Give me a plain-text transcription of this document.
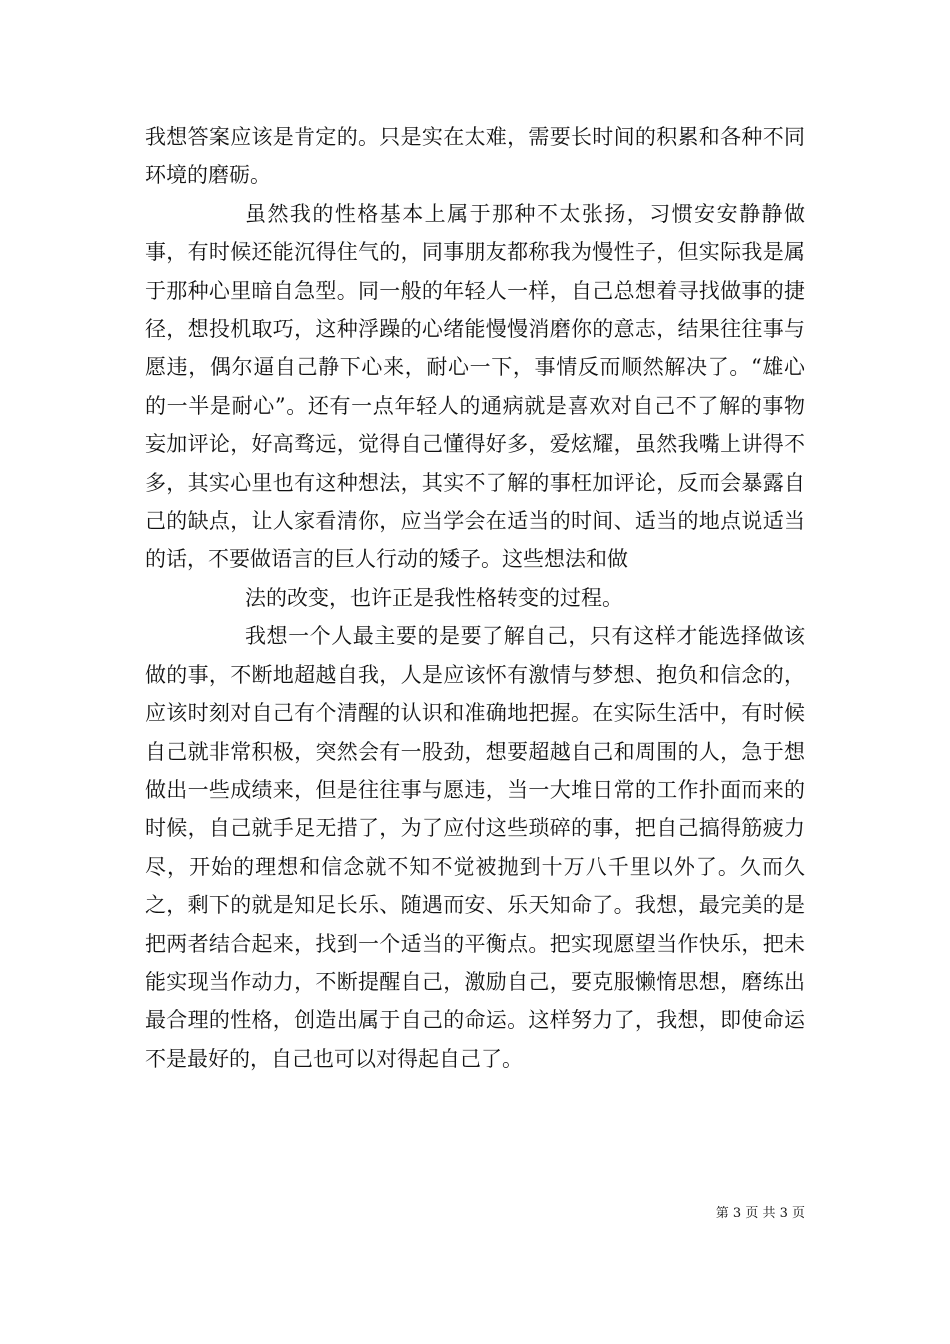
我想答案应该是肯定的。只是实在太难，需要长时间的积累和各种不同环境的磨砺。

虽然我的性格基本上属于那种不太张扬，习惯安安静静做事，有时候还能沉得住气的，同事朋友都称我为慢性子，但实际我是属于那种心里暗自急型。同一般的年轻人一样，自己总想着寻找做事的捷径，想投机取巧，这种浮躁的心绪能慢慢消磨你的意志，结果往往事与愿违，偶尔逼自己静下心来，耐心一下，事情反而顺然解决了。“雄心的一半是耐心”。还有一点年轻人的通病就是喜欢对自己不了解的事物妄加评论，好高骛远，觉得自己懂得好多，爱炫耀，虽然我嘴上讲得不多，其实心里也有这种想法，其实不了解的事枉加评论，反而会暴露自己的缺点，让人家看清你，应当学会在适当的时间、适当的地点说适当的话，不要做语言的巨人行动的矮子。这些想法和做

法的改变，也许正是我性格转变的过程。

我想一个人最主要的是要了解自己，只有这样才能选择做该做的事，不断地超越自我，人是应该怀有激情与梦想、抱负和信念的，应该时刻对自己有个清醒的认识和准确地把握。在实际生活中，有时候自己就非常积极，突然会有一股劲，想要超越自己和周围的人，急于想做出一些成绩来，但是往往事与愿违，当一大堆日常的工作扑面而来的时候，自己就手足无措了，为了应付这些琐碎的事，把自己搞得筋疲力尽，开始的理想和信念就不知不觉被抛到十万八千里以外了。久而久之，剩下的就是知足长乐、随遇而安、乐天知命了。我想，最完美的是把两者结合起来，找到一个适当的平衡点。把实现愿望当作快乐，把未能实现当作动力，不断提醒自己，激励自己，要克服懒惰思想，磨练出最合理的性格，创造出属于自己的命运。这样努力了，我想，即使命运不是最好的，自己也可以对得起自己了。

第 3 页 共 3 页
